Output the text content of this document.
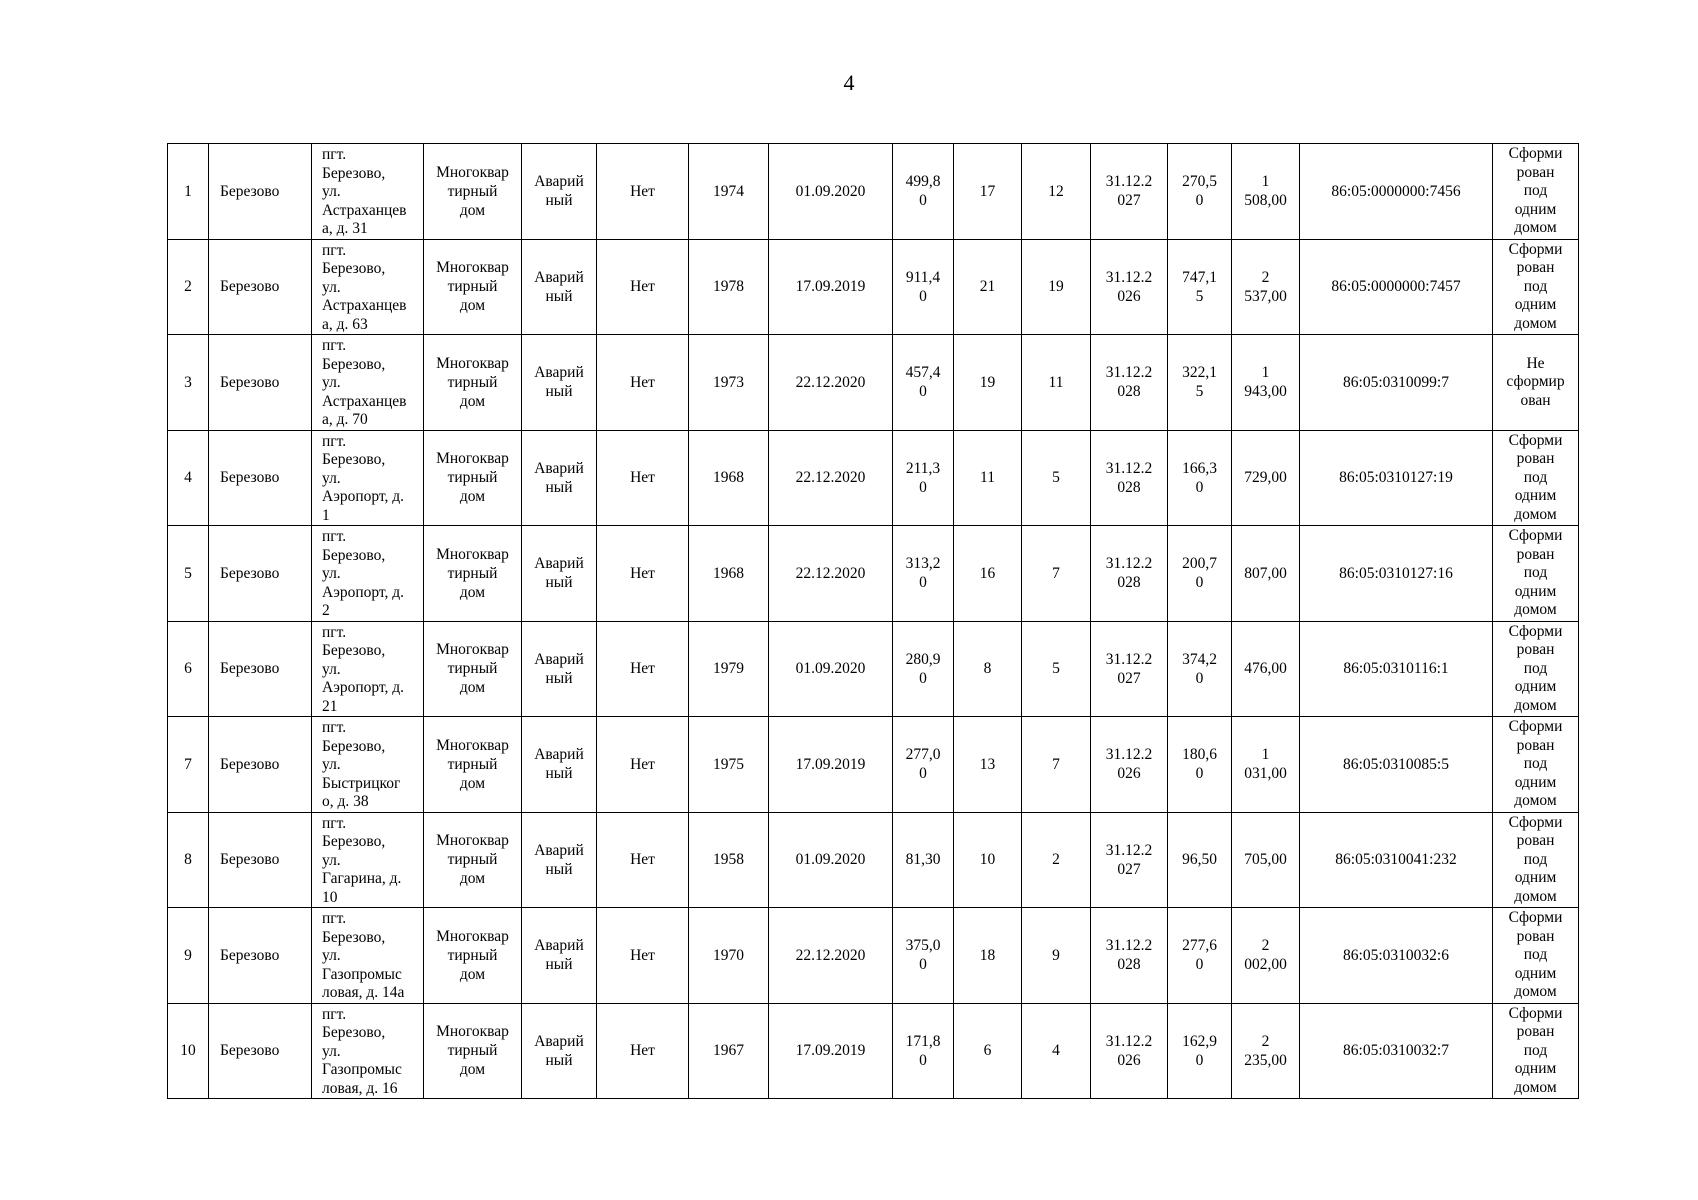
4
1	Березово	пгт.
Березово,
ул.
Астраханцев
а, д. 31	Многоквар
тирный
дом	Аварий
ный	Нет	1974	01.09.2020	499,8
0	17	12	31.12.2
027	270,5
0	1
508,00	86:05:0000000:7456	Сформи
рован
под
одним
домом
2	Березово	пгт.
Березово,
ул.
Астраханцев
а, д. 63	Многоквар
тирный
дом	Аварий
ный	Нет	1978	17.09.2019	911,4
0	21	19	31.12.2
026	747,1
5	2
537,00	86:05:0000000:7457	Сформи
рован
под
одним
домом
3	Березово	пгт.
Березово,
ул.
Астраханцев
а, д. 70	Многоквар
тирный
дом	Аварий
ный	Нет	1973	22.12.2020	457,4
0	19	11	31.12.2
028	322,1
5	1
943,00	86:05:0310099:7	Не
сформир
ован
4	Березово	пгт.
Березово,
ул.
Аэропорт, д.
1	Многоквар
тирный
дом	Аварий
ный	Нет	1968	22.12.2020	211,3
0	11	5	31.12.2
028	166,3
0	729,00	86:05:0310127:19	Сформи
рован
под
одним
домом
5	Березово	пгт.
Березово,
ул.
Аэропорт, д.
2	Многоквар
тирный
дом	Аварий
ный	Нет	1968	22.12.2020	313,2
0	16	7	31.12.2
028	200,7
0	807,00	86:05:0310127:16	Сформи
рован
под
одним
домом
6	Березово	пгт.
Березово,
ул.
Аэропорт, д.
21	Многоквар
тирный
дом	Аварий
ный	Нет	1979	01.09.2020	280,9
0	8	5	31.12.2
027	374,2
0	476,00	86:05:0310116:1	Сформи
рован
под
одним
домом
7	Березово	пгт.
Березово,
ул.
Быстрицког
о, д. 38	Многоквар
тирный
дом	Аварий
ный	Нет	1975	17.09.2019	277,0
0	13	7	31.12.2
026	180,6
0	1
031,00	86:05:0310085:5	Сформи
рован
под
одним
домом
8	Березово	пгт.
Березово,
ул.
Гагарина, д.
10	Многоквар
тирный
дом	Аварий
ный	Нет	1958	01.09.2020	81,30	10	2	31.12.2
027	96,50	705,00	86:05:0310041:232	Сформи
рован
под
одним
домом
9	Березово	пгт.
Березово,
ул.
Газопромыс
ловая, д. 14а	Многоквар
тирный
дом	Аварий
ный	Нет	1970	22.12.2020	375,0
0	18	9	31.12.2
028	277,6
0	2
002,00	86:05:0310032:6	Сформи
рован
под
одним
домом
10	Березово	пгт.
Березово,
ул.
Газопромыс
ловая, д. 16	Многоквар
тирный
дом	Аварий
ный	Нет	1967	17.09.2019	171,8
0	6	4	31.12.2
026	162,9
0	2
235,00	86:05:0310032:7	Сформи
рован
под
одним
домом
